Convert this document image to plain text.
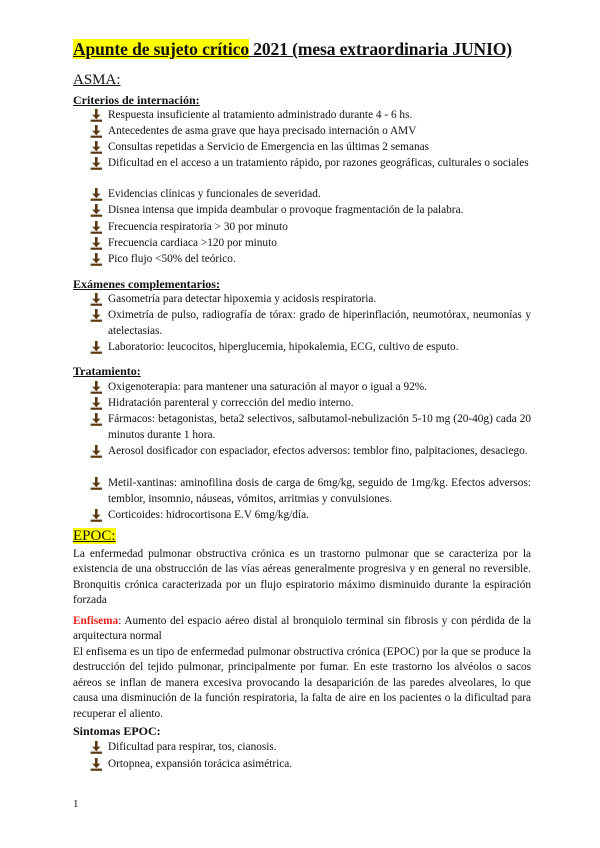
Apunte de sujeto crítico 2021 (mesa extraordinaria JUNIO)
ASMA:
Criterios de internación:
Respuesta insuficiente al tratamiento administrado durante 4 - 6 hs.
Antecedentes de asma grave que haya precisado internación o AMV
Consultas repetidas a Servicio de Emergencia en las últimas 2 semanas
Dificultad en el acceso a un tratamiento rápido, por razones geográficas, culturales o sociales
Evidencias clínicas y funcionales de severidad.
Disnea intensa que impida deambular o provoque fragmentación de la palabra.
Frecuencia respiratoria > 30 por minuto
Frecuencia cardiaca >120 por minuto
Pico flujo <50% del teórico.
Exámenes complementarios:
Gasometría para detectar hipoxemia y acidosis respiratoria.
Oximetría de pulso, radiografía de tórax: grado de hiperinflación, neumotórax, neumonías y atelectasias.
Laboratorio: leucocitos, hiperglucemia, hipokalemia, ECG, cultivo de esputo.
Tratamiento:
Oxigenoterapia: para mantener una saturación al mayor o igual a 92%.
Hidratación parenteral y corrección del medio interno.
Fármacos: betagonistas, beta2 selectivos, salbutamol-nebulización 5-10 mg (20-40g) cada 20 minutos durante 1 hora.
Aerosol dosificador con espaciador, efectos adversos: temblor fino, palpitaciones, desaciego.
Metil-xantinas: aminofilina dosis de carga de 6mg/kg, seguido de 1mg/kg. Efectos adversos: temblor, insomnio, náuseas, vómitos, arritmias y convulsiones.
Corticoides: hidrocortisona E.V 6mg/kg/día.
EPOC:
La enfermedad pulmonar obstructiva crónica es un trastorno pulmonar que se caracteriza por la existencia de una obstrucción de las vías aéreas generalmente progresiva y en general no reversible. Bronquitis crónica caracterizada por un flujo espiratorio máximo disminuido durante la espiración forzada
Enfisema: Aumento del espacio aéreo distal al bronquiolo terminal sin fibrosis y con pérdida de la arquitectura normal
El enfisema es un tipo de enfermedad pulmonar obstructiva crónica (EPOC) por la que se produce la destrucción del tejido pulmonar, principalmente por fumar. En este trastorno los alvéolos o sacos aéreos se inflan de manera excesiva provocando la desaparición de las paredes alveolares, lo que causa una disminución de la función respiratoria, la falta de aire en los pacientes o la dificultad para recuperar el aliento.
Sintomas EPOC:
Dificultad para respirar, tos, cianosis.
Ortopnea, expansión torácica asimétrica.
1
